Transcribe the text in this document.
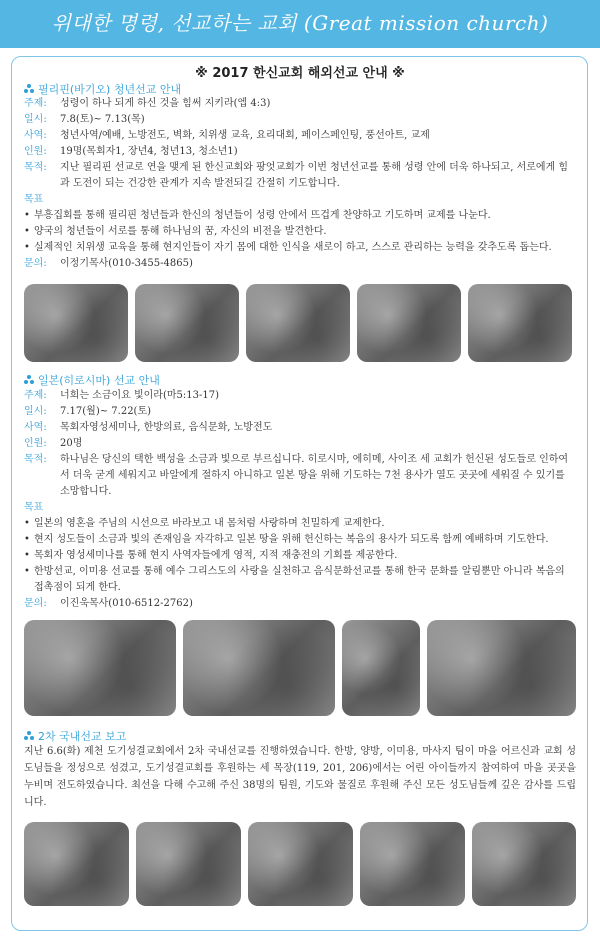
위대한 명령, 선교하는 교회 (Great mission church)
※ 2017 한신교회 해외선교 안내 ※
필리핀(바기오) 청년선교 안내
주제:	성령이 하나 되게 하신 것을 힘써 지키라(엡 4:3)
일시:	7.8(토)~ 7.13(목)
사역:	청년사역/예배, 노방전도, 벽화, 치위생 교육, 요리대회, 페이스페인팅, 풍선아트, 교제
인원:	19명(목회자1, 장년4, 청년13, 청소년1)
목적:	지난 필리핀 선교로 연을 맺게 된 한신교회와 팡엇교회가 이번 청년선교를 통해 성령 안에 더욱 하나되고, 서로에게 힘과 도전이 되는 건강한 관계가 지속 발전되길 간절히 기도합니다.
목표
• 부흥집회를 통해 필리핀 청년들과 한신의 청년들이 성령 안에서 뜨겁게 찬양하고 기도하며 교제를 나눈다.
• 양국의 청년들이 서로를 통해 하나님의 꿈, 자신의 비전을 발견한다.
• 실제적인 치위생 교육을 통해 현지인들이 자기 몸에 대한 인식을 새로이 하고, 스스로 관리하는 능력을 갖추도록 돕는다.
문의:	이정기목사(010-3455-4865)
일본(히로시마) 선교 안내
주제:	너희는 소금이요 빛이라(마5:13-17)
일시:	7.17(월)~ 7.22(토)
사역:	목회자영성세미나, 한방의료, 음식문화, 노방전도
인원:	20명
목적:	하나님은 당신의 택한 백성을 소금과 빛으로 부르십니다. 히로시마, 에히메, 사이조 세 교회가 헌신된 성도들로 인하여서 더욱 굳게 세워지고 바알에게 절하지 아니하고 일본 땅을 위해 기도하는 7천 용사가 열도 곳곳에 세워질 수 있기를 소망합니다.
목표
• 일본의 영혼을 주님의 시선으로 바라보고 내 몸처럼 사랑하며 친밀하게 교제한다.
• 현지 성도들이 소금과 빛의 존재임을 자각하고 일본 땅을 위해 헌신하는 복음의 용사가 되도록 함께 예배하며 기도한다.
• 목회자 영성세미나를 통해 현지 사역자들에게 영적, 지적 재충전의 기회를 제공한다.
• 한방선교, 이미용 선교를 통해 예수 그리스도의 사랑을 실천하고 음식문화선교를 통해 한국 문화를 알림뿐만 아니라 복음의 접촉점이 되게 한다.
문의:	이진욱목사(010-6512-2762)
2차 국내선교 보고
지난 6.6(화) 제천 도기성결교회에서 2차 국내선교를 진행하였습니다. 한방, 양방, 이미용, 마사지 팀이 마을 어르신과 교회 성도님들을 정성으로 섬겼고, 도기성결교회를 후원하는 세 목장(119, 201, 206)에서는 어린 아이들까지 참여하여 마을 곳곳을 누비며 전도하였습니다. 최선을 다해 수고해 주신 38명의 팀원, 기도와 물질로 후원해 주신 모든 성도님들께 깊은 감사를 드립니다.
